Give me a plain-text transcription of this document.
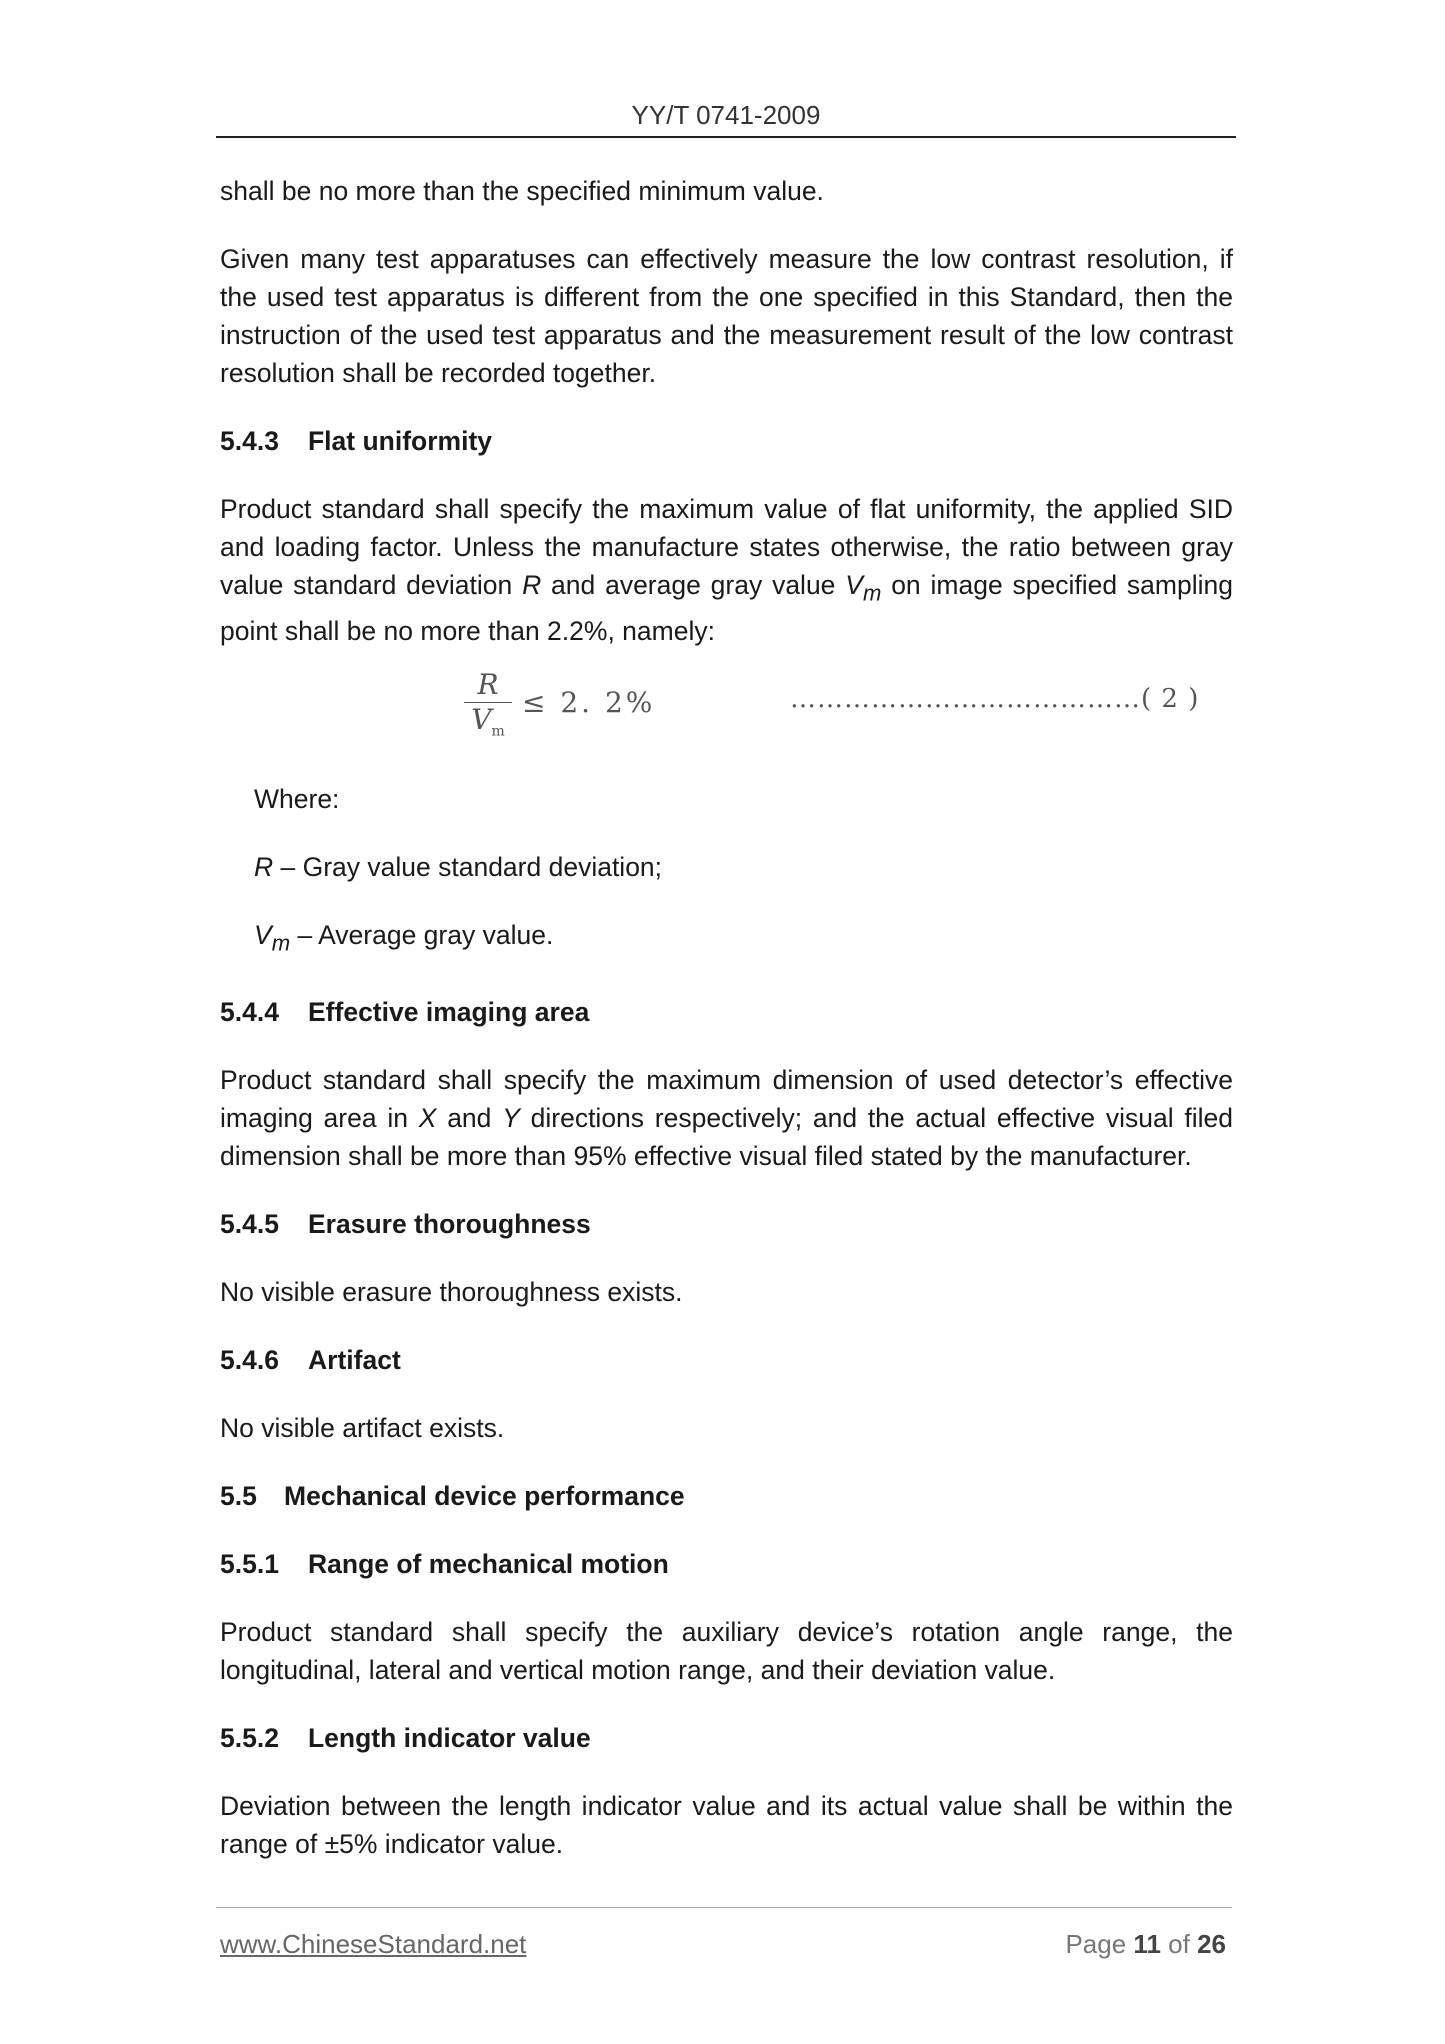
YY/T 0741-2009

shall be no more than the specified minimum value.

Given many test apparatuses can effectively measure the low contrast resolution, if the used test apparatus is different from the one specified in this Standard, then the instruction of the used test apparatus and the measurement result of the low contrast resolution shall be recorded together.

5.4.3 Flat uniformity

Product standard shall specify the maximum value of flat uniformity, the applied SID and loading factor. Unless the manufacture states otherwise, the ratio between gray value standard deviation R and average gray value $V_m$ on image specified sampling point shall be no more than 2.2%, namely:

R
$V_m$
≤ 2. 2%	…………………………………( 2 )

Where:

R – Gray value standard deviation;

$V_m$ – Average gray value.

5.4.4 Effective imaging area

Product standard shall specify the maximum dimension of used detector’s effective imaging area in X and Y directions respectively; and the actual effective visual filed dimension shall be more than 95% effective visual filed stated by the manufacturer.

5.4.5 Erasure thoroughness

No visible erasure thoroughness exists.

5.4.6 Artifact

No visible artifact exists.

5.5 Mechanical device performance
5.5.1 Range of mechanical motion

Product standard shall specify the auxiliary device’s rotation angle range, the longitudinal, lateral and vertical motion range, and their deviation value.

5.5.2 Length indicator value

Deviation between the length indicator value and its actual value shall be within the range of ±5% indicator value.

www.ChineseStandard.net	Page 11 of 26
